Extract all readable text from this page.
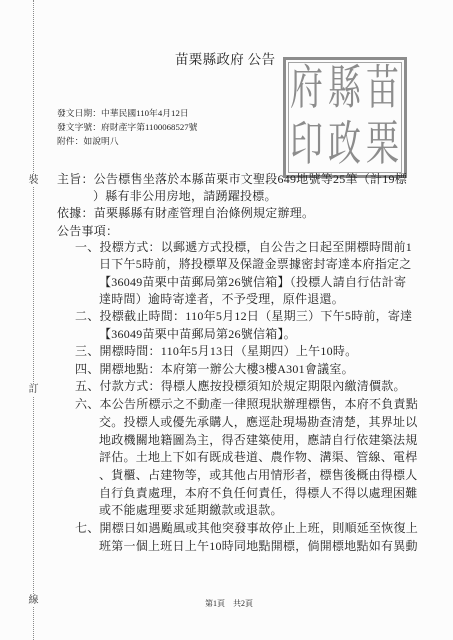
裝
訂
線
苗栗縣政府 公告	苗
栗
縣
政
府
印
發文日期：中華民國110年4月12日
發文字號：府財產字第1100068527號
附件：如說明八
主旨：公告標售坐落於本縣苗栗市文聖段649地號等25筆（計19標
）縣有非公用房地，請踴躍投標。
依據：苗栗縣縣有財產管理自治條例規定辦理。
公告事項：
一、投標方式：以郵遞方式投標，自公告之日起至開標時間前1
日下午5時前，將投標單及保證金票據密封寄達本府指定之
【36049苗栗中苗郵局第26號信箱】（投標人請自行估計寄
達時間）逾時寄達者，不予受理，原件退還。
二、投標截止時間：110年5月12日（星期三）下午5時前，寄達
【36049苗栗中苗郵局第26號信箱】。
三、開標時間：110年5月13日（星期四）上午10時。
四、開標地點：本府第一辦公大樓3樓A301會議室。
五、付款方式：得標人應按投標須知於規定期限內繳清價款。
六、本公告所標示之不動產一律照現狀辦理標售，本府不負責點
交。投標人或優先承購人，應逕赴現場勘查清楚，其界址以
地政機關地籍圖為主，得否建築使用，應請自行依建築法規
評估。土地上下如有既成巷道、農作物、溝渠、管線、電桿
、貨櫃、占建物等，或其他占用情形者，標售後概由得標人
自行負責處理，本府不負任何責任，得標人不得以處理困難
或不能處理要求延期繳款或退款。
七、開標日如遇颱風或其他突發事故停止上班，則順延至恢復上
班第一個上班日上午10時同地點開標，倘開標地點如有異動
第1頁　共2頁
